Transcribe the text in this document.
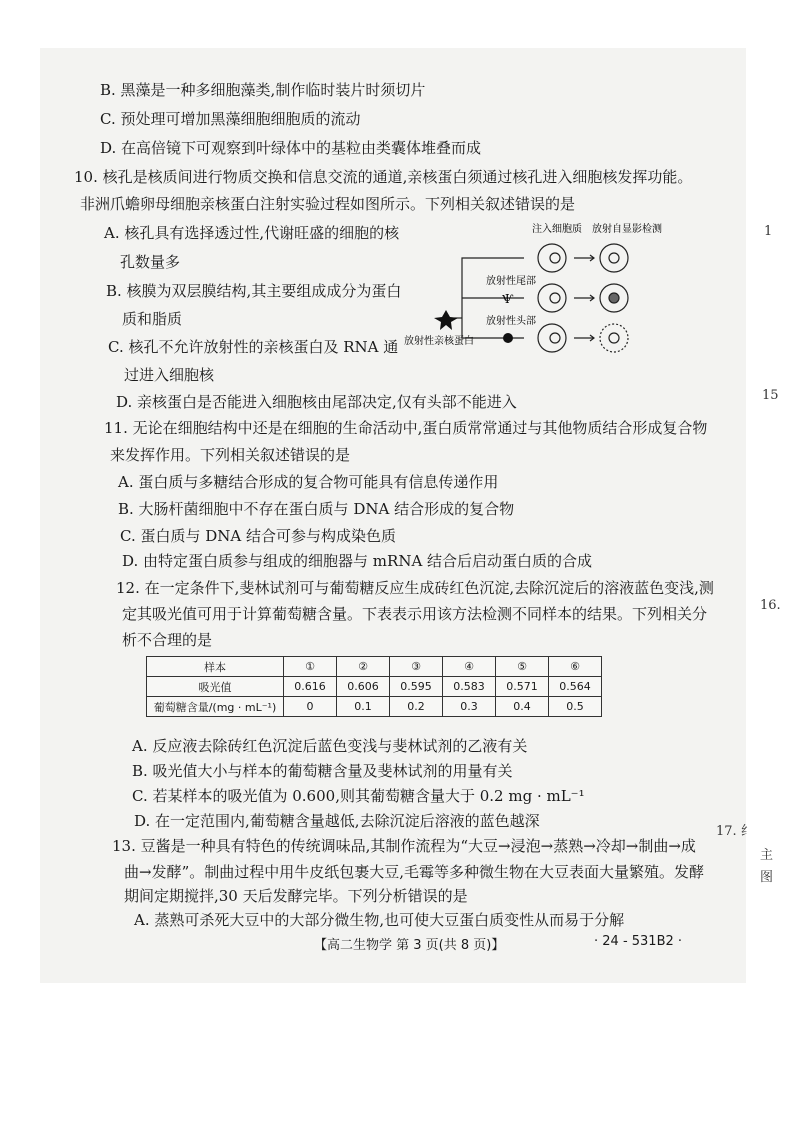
B. 黑藻是一种多细胞藻类,制作临时装片时须切片
C. 预处理可增加黑藻细胞细胞质的流动
D. 在高倍镜下可观察到叶绿体中的基粒由类囊体堆叠而成
10. 核孔是核质间进行物质交换和信息交流的通道,亲核蛋白须通过核孔进入细胞核发挥功能。
非洲爪蟾卵母细胞亲核蛋白注射实验过程如图所示。下列相关叙述错误的是
A. 核孔具有选择透过性,代谢旺盛的细胞的核
孔数量多
B. 核膜为双层膜结构,其主要组成成分为蛋白
质和脂质
C. 核孔不允许放射性的亲核蛋白及 RNA 通
过进入细胞核
D. 亲核蛋白是否能进入细胞核由尾部决定,仅有头部不能进入
注入细胞质 放射自显影检测
放射性尾部
放射性头部
放射性亲核蛋白
Ѱ
11. 无论在细胞结构中还是在细胞的生命活动中,蛋白质常常通过与其他物质结合形成复合物
来发挥作用。下列相关叙述错误的是
A. 蛋白质与多糖结合形成的复合物可能具有信息传递作用
B. 大肠杆菌细胞中不存在蛋白质与 DNA 结合形成的复合物
C. 蛋白质与 DNA 结合可参与构成染色质
D. 由特定蛋白质参与组成的细胞器与 mRNA 结合后启动蛋白质的合成
12. 在一定条件下,斐林试剂可与葡萄糖反应生成砖红色沉淀,去除沉淀后的溶液蓝色变浅,测
定其吸光值可用于计算葡萄糖含量。下表表示用该方法检测不同样本的结果。下列相关分
析不合理的是
样本	①	②	③	④	⑤	⑥
吸光值	0.616	0.606	0.595	0.583	0.571	0.564
葡萄糖含量/(mg · mL⁻¹)	0	0.1	0.2	0.3	0.4	0.5
A. 反应液去除砖红色沉淀后蓝色变浅与斐林试剂的乙液有关
B. 吸光值大小与样本的葡萄糖含量及斐林试剂的用量有关
C. 若某样本的吸光值为 0.600,则其葡萄糖含量大于 0.2 mg · mL⁻¹
D. 在一定范围内,葡萄糖含量越低,去除沉淀后溶液的蓝色越深
13. 豆酱是一种具有特色的传统调味品,其制作流程为“大豆→浸泡→蒸熟→冷却→制曲→成
曲→发酵”。制曲过程中用牛皮纸包裹大豆,毛霉等多种微生物在大豆表面大量繁殖。发酵
期间定期搅拌,30 天后发酵完毕。下列分析错误的是
A. 蒸熟可杀死大豆中的大部分微生物,也可使大豆蛋白质变性从而易于分解
1
15
16.
17. 纟
主
图
【高二生物学 第 3 页(共 8 页)】	· 24 - 531B2 ·
